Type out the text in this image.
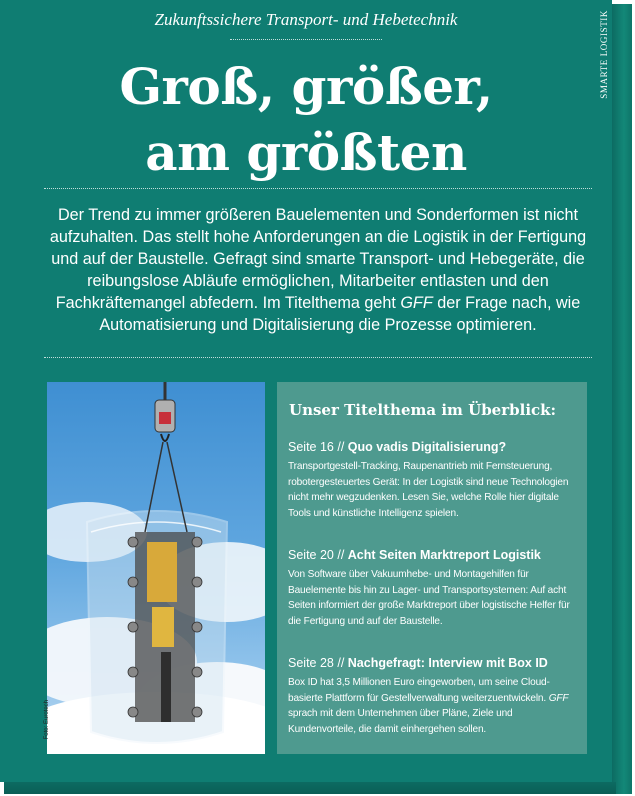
SMARTE LOGISTIK
Zukunftssichere Transport- und Hebetechnik
Groß, größer,
am größten
Der Trend zu immer größeren Bauelementen und Sonderformen ist nicht aufzuhalten. Das stellt hohe Anforderungen an die Logistik in der Fertigung und auf der Baustelle. Gefragt sind smarte Transport- und Hebegeräte, die reibungslose Abläufe ermöglichen, Mitarbeiter entlasten und den Fachkräftemangel abfedern. Im Titelthema geht GFF der Frage nach, wie Automatisierung und Digitalisierung die Prozesse optimieren.
Foto: Eurotech
Unser Titelthema im Überblick:
Seite 16 // Quo vadis Digitalisierung?
Transportgestell-Tracking, Raupenantrieb mit Fernsteuerung, robotergesteuertes Gerät: In der Logistik sind neue Technologien nicht mehr wegzudenken. Lesen Sie, welche Rolle hier digitale Tools und künstliche Intelligenz spielen.
Seite 20 // Acht Seiten Marktreport Logistik
Von Software über Vakuumhebe- und Montagehilfen für Bauelemente bis hin zu Lager- und Transportsystemen: Auf acht Seiten informiert der große Marktreport über logistische Helfer für die Fertigung und auf der Baustelle.
Seite 28 // Nachgefragt: Interview mit Box ID
Box ID hat 3,5 Millionen Euro eingeworben, um seine Cloud-basierte Plattform für Gestellverwaltung weiterzuentwickeln. GFF sprach mit dem Unternehmen über Pläne, Ziele und Kundenvorteile, die damit einhergehen sollen.
